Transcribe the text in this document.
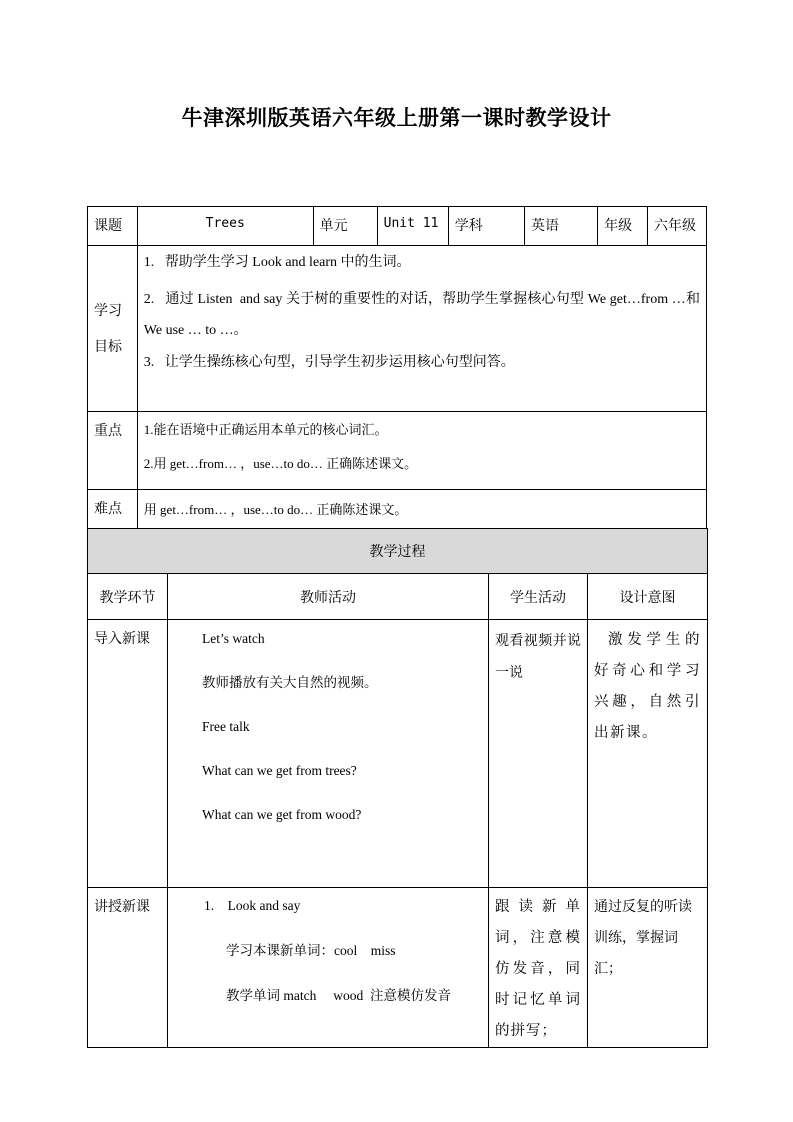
牛津深圳版英语六年级上册第一课时教学设计
课题	Trees	单元	Unit 11	学科	英语	年级	六年级

学习
目标	1.   帮助学生学习 Look and learn 中的生词。
2.   通过 Listen  and say 关于树的重要性的对话，帮助学生掌握核心句型 We get…from …和 We use … to …。
3.   让学生操练核心句型，引导学生初步运用核心句型问答。						

重点	1.能在语境中正确运用本单元的核心词汇。
2.用 get…from… ，use…to do… 正确陈述课文。						

难点	用 get…from… ，use…to do… 正确陈述课文。						
教学过程			
教学环节	教师活动	学生活动	设计意图
导入新课	Let’s watch
教师播放有关大自然的视频。
Free talk
What can we get from trees?
What can we get from wood?	观看视频并说一说	激发学生的好奇心和学习兴趣，自然引出新课。
讲授新课	1.    Look and say
学习本课新单词：cool    miss
教学单词 match     wood  注意模仿发音	跟读新单词，注意模仿发音，同时记忆单词的拼写；	通过反复的听读训练，掌握词汇；
